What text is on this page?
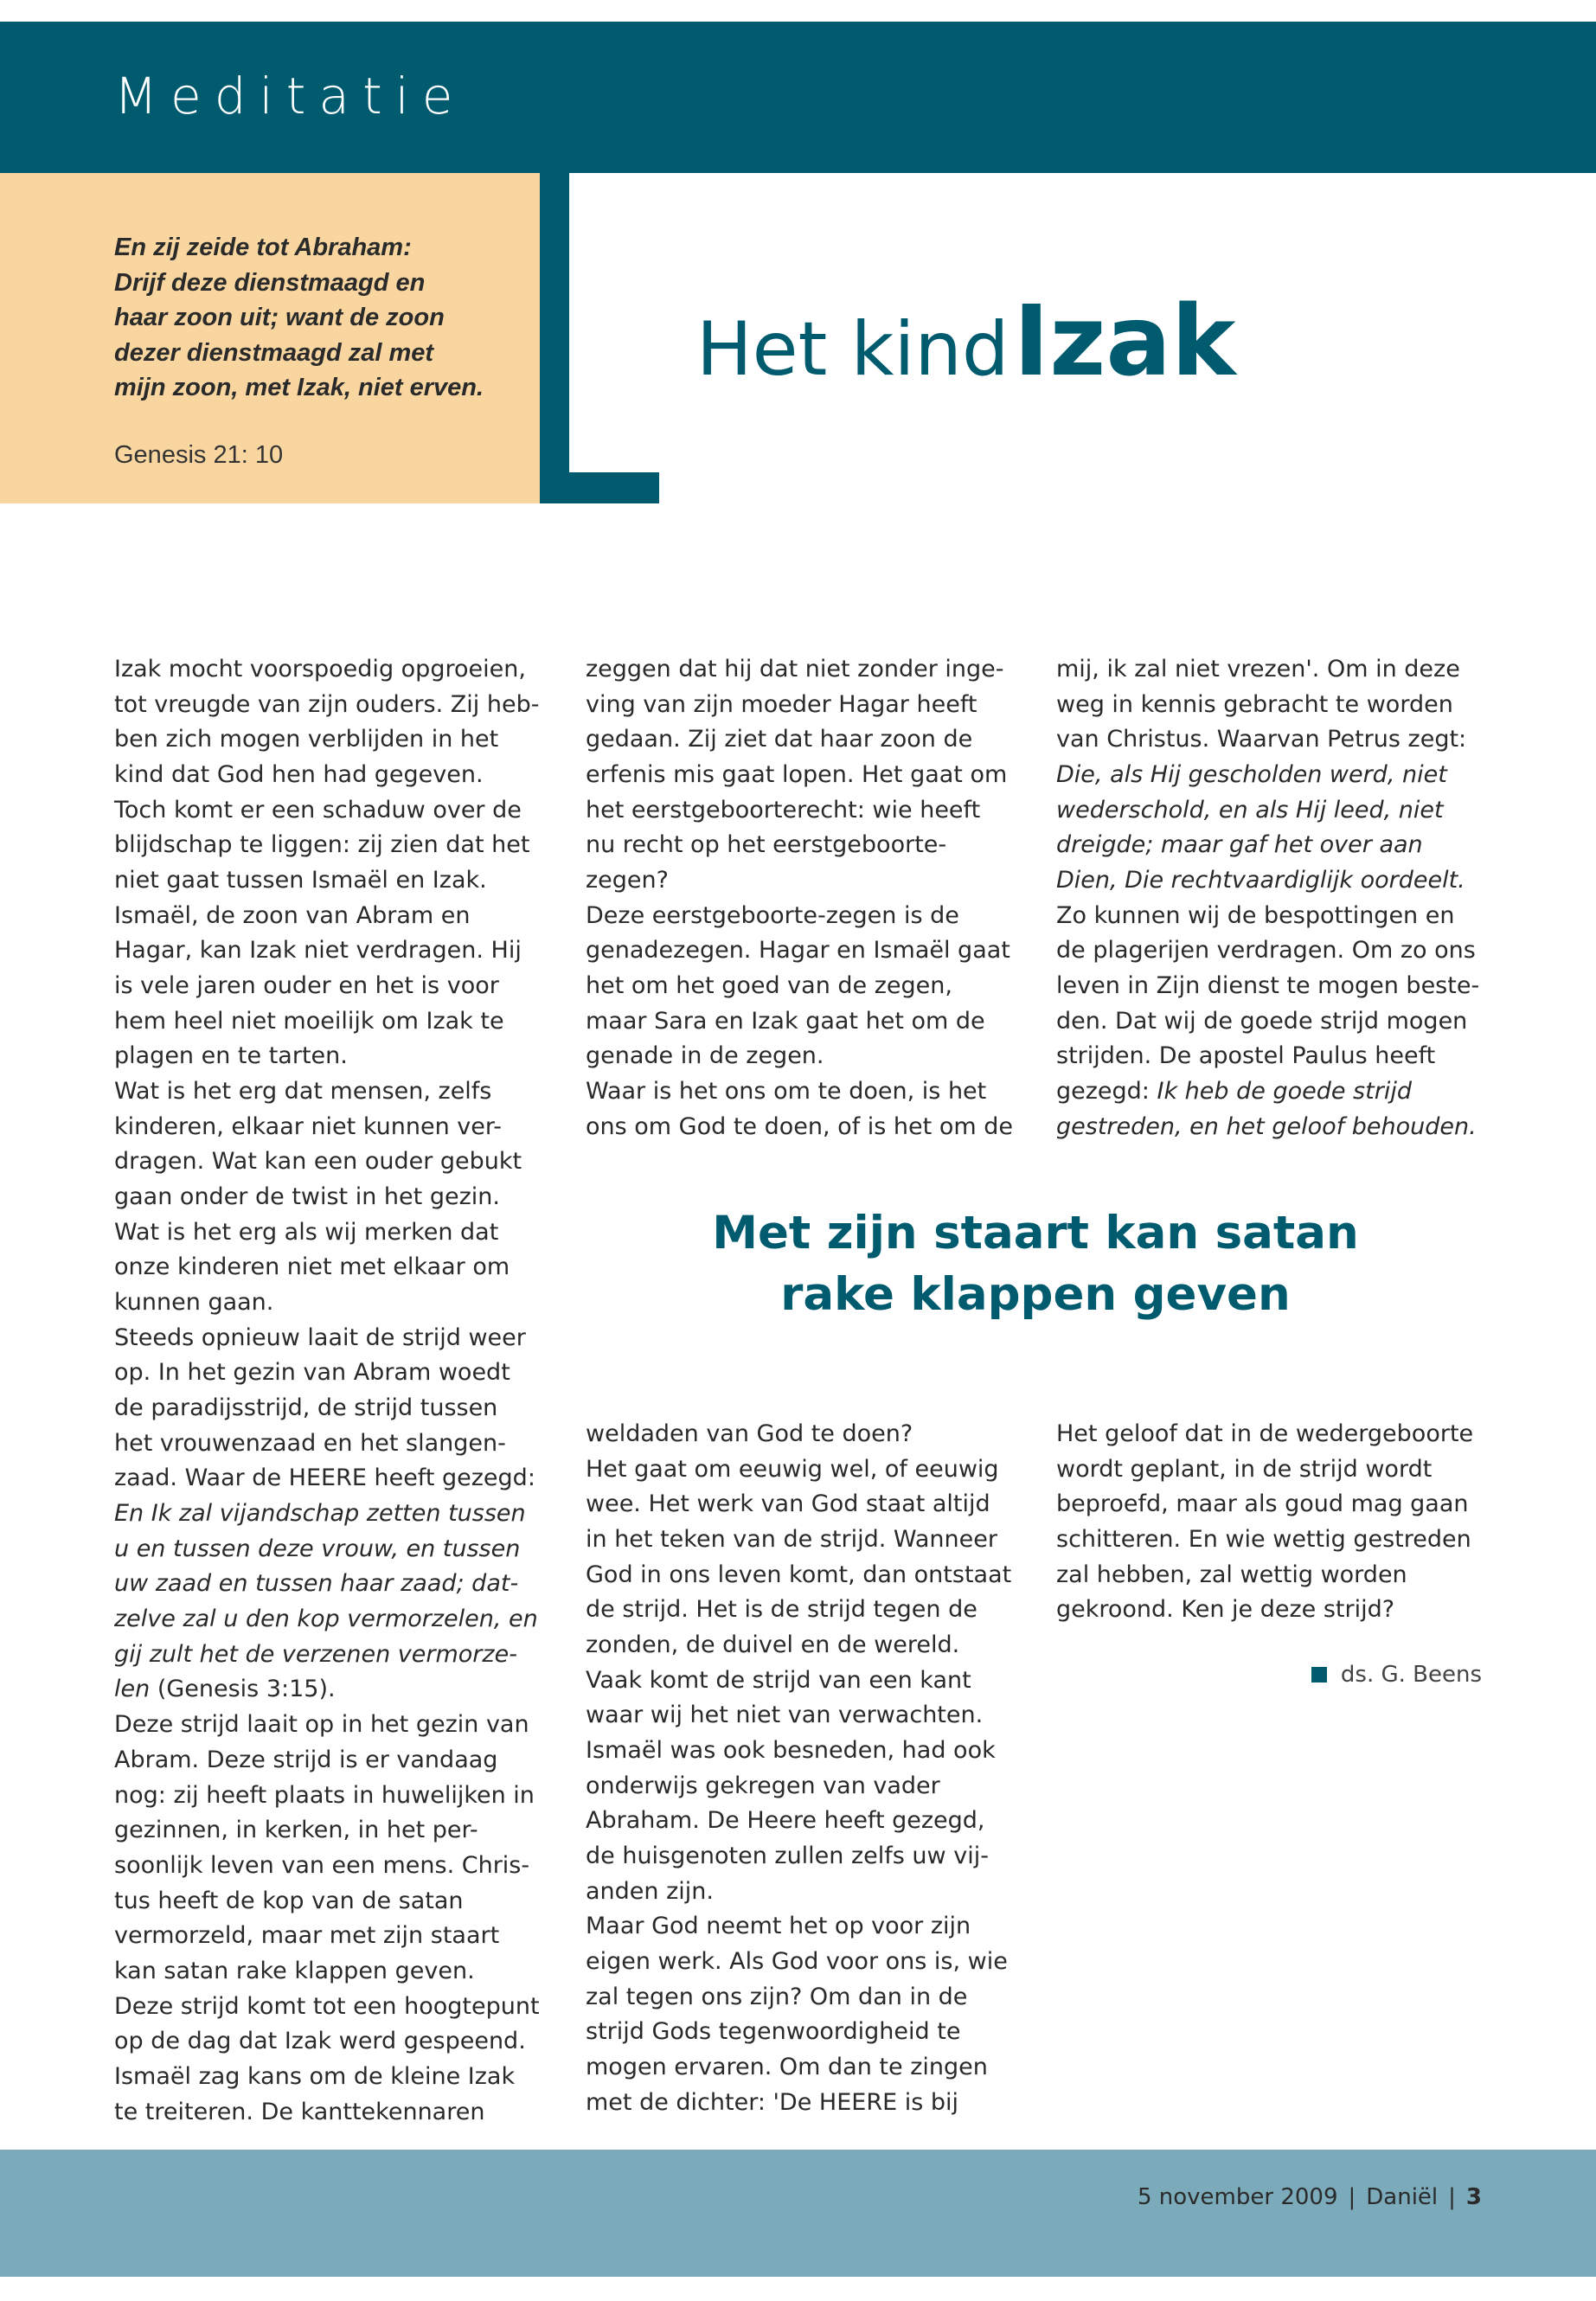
Meditatie
En zij zeide tot Abraham:
Drijf deze dienstmaagd en
haar zoon uit; want de zoon
dezer dienstmaagd zal met
mijn zoon, met Izak, niet erven.
Genesis 21: 10
Het kind Izak
Izak mocht voorspoedig opgroeien,
tot vreugde van zijn ouders. Zij heb-
ben zich mogen verblijden in het
kind dat God hen had gegeven.
Toch komt er een schaduw over de
blijdschap te liggen: zij zien dat het
niet gaat tussen Ismaël en Izak.
Ismaël, de zoon van Abram en
Hagar, kan Izak niet verdragen. Hij
is vele jaren ouder en het is voor
hem heel niet moeilijk om Izak te
plagen en te tarten.
Wat is het erg dat mensen, zelfs
kinderen, elkaar niet kunnen ver-
dragen. Wat kan een ouder gebukt
gaan onder de twist in het gezin.
Wat is het erg als wij merken dat
onze kinderen niet met elkaar om
kunnen gaan.
Steeds opnieuw laait de strijd weer
op. In het gezin van Abram woedt
de paradijsstrijd, de strijd tussen
het vrouwenzaad en het slangen-
zaad. Waar de HEERE heeft gezegd:
En Ik zal vijandschap zetten tussen
u en tussen deze vrouw, en tussen
uw zaad en tussen haar zaad; dat-
zelve zal u den kop vermorzelen, en
gij zult het de verzenen vermorze-
len (Genesis 3:15).
Deze strijd laait op in het gezin van
Abram. Deze strijd is er vandaag
nog: zij heeft plaats in huwelijken in
gezinnen, in kerken, in het per-
soonlijk leven van een mens. Chris-
tus heeft de kop van de satan
vermorzeld, maar met zijn staart
kan satan rake klappen geven.
Deze strijd komt tot een hoogtepunt
op de dag dat Izak werd gespeend.
Ismaël zag kans om de kleine Izak
te treiteren. De kanttekennaren
zeggen dat hij dat niet zonder inge-
ving van zijn moeder Hagar heeft
gedaan. Zij ziet dat haar zoon de
erfenis mis gaat lopen. Het gaat om
het eerstgeboorterecht: wie heeft
nu recht op het eerstgeboorte-
zegen?
Deze eerstgeboorte-zegen is de
genadezegen. Hagar en Ismaël gaat
het om het goed van de zegen,
maar Sara en Izak gaat het om de
genade in de zegen.
Waar is het ons om te doen, is het
ons om God te doen, of is het om de
mij, ik zal niet vrezen'. Om in deze
weg in kennis gebracht te worden
van Christus. Waarvan Petrus zegt:
Die, als Hij gescholden werd, niet
wederschold, en als Hij leed, niet
dreigde; maar gaf het over aan
Dien, Die rechtvaardiglijk oordeelt.
Zo kunnen wij de bespottingen en
de plagerijen verdragen. Om zo ons
leven in Zijn dienst te mogen beste-
den. Dat wij de goede strijd mogen
strijden. De apostel Paulus heeft
gezegd: Ik heb de goede strijd
gestreden, en het geloof behouden.
Met zijn staart kan satan
rake klappen geven
weldaden van God te doen?
Het gaat om eeuwig wel, of eeuwig
wee. Het werk van God staat altijd
in het teken van de strijd. Wanneer
God in ons leven komt, dan ontstaat
de strijd. Het is de strijd tegen de
zonden, de duivel en de wereld.
Vaak komt de strijd van een kant
waar wij het niet van verwachten.
Ismaël was ook besneden, had ook
onderwijs gekregen van vader
Abraham. De Heere heeft gezegd,
de huisgenoten zullen zelfs uw vij-
anden zijn.
Maar God neemt het op voor zijn
eigen werk. Als God voor ons is, wie
zal tegen ons zijn? Om dan in de
strijd Gods tegenwoordigheid te
mogen ervaren. Om dan te zingen
met de dichter: 'De HEERE is bij
Het geloof dat in de wedergeboorte
wordt geplant, in de strijd wordt
beproefd, maar als goud mag gaan
schitteren. En wie wettig gestreden
zal hebben, zal wettig worden
gekroond. Ken je deze strijd?
ds. G. Beens
5 november 2009 | Daniël | 3
